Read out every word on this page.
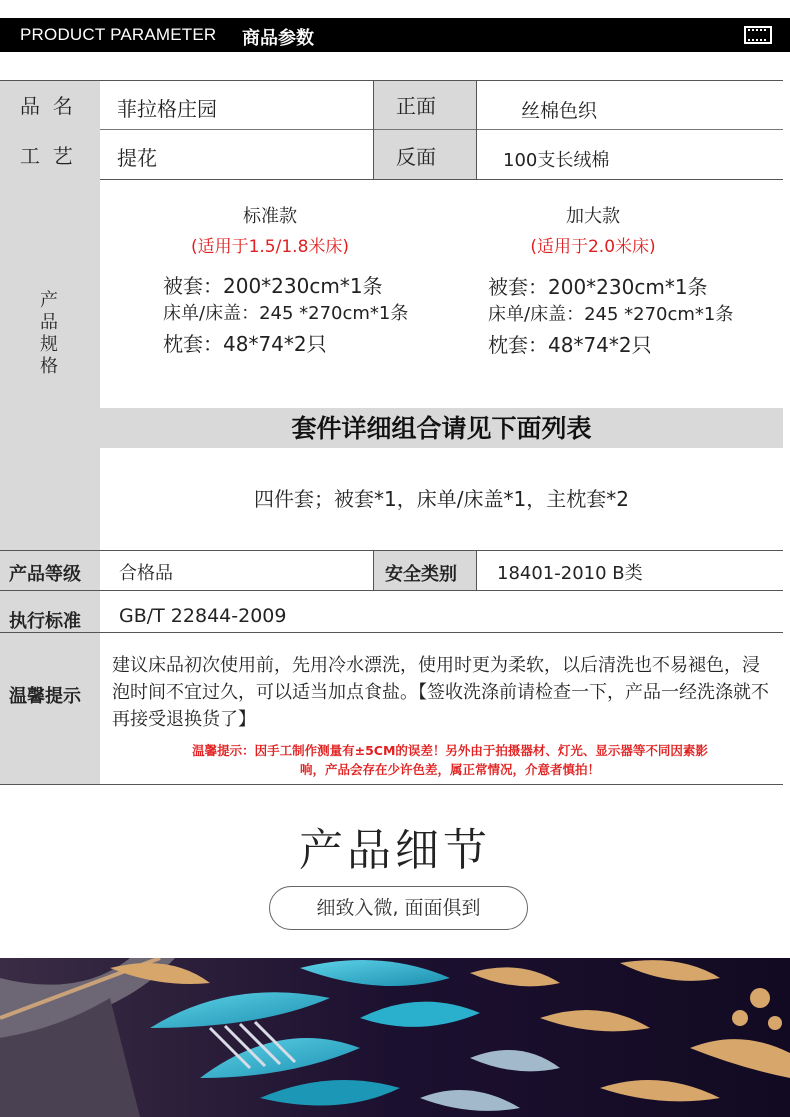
PRODUCT PARAMETER 商品参数
品  名 菲拉格庄园	正面	丝棉色织
工  艺 提花	反面	100支长绒棉
产品规格
标准款
(适用于1.5/1.8米床)
被套：200*230cm*1条
床单/床盖：245 *270cm*1条
枕套：48*74*2只
加大款
(适用于2.0米床)
被套：200*230cm*1条
床单/床盖：245 *270cm*1条
枕套：48*74*2只
套件详细组合请见下面列表
四件套；被套*1，床单/床盖*1，主枕套*2
产品等级 合格品	安全类别 18401-2010 B类
执行标准 GB/T 22844-2009
温馨提示
建议床品初次使用前，先用冷水漂洗，使用时更为柔软，以后清洗也不易褪色，浸泡时间不宜过久，可以适当加点食盐。【签收洗涤前请检查一下，产品一经洗涤就不再接受退换货了】
温馨提示：因手工制作测量有±5CM的误差！另外由于拍摄器材、灯光、显示器等不同因素影响，产品会存在少许色差，属正常情况，介意者慎拍！
产品细节
细致入微, 面面俱到
